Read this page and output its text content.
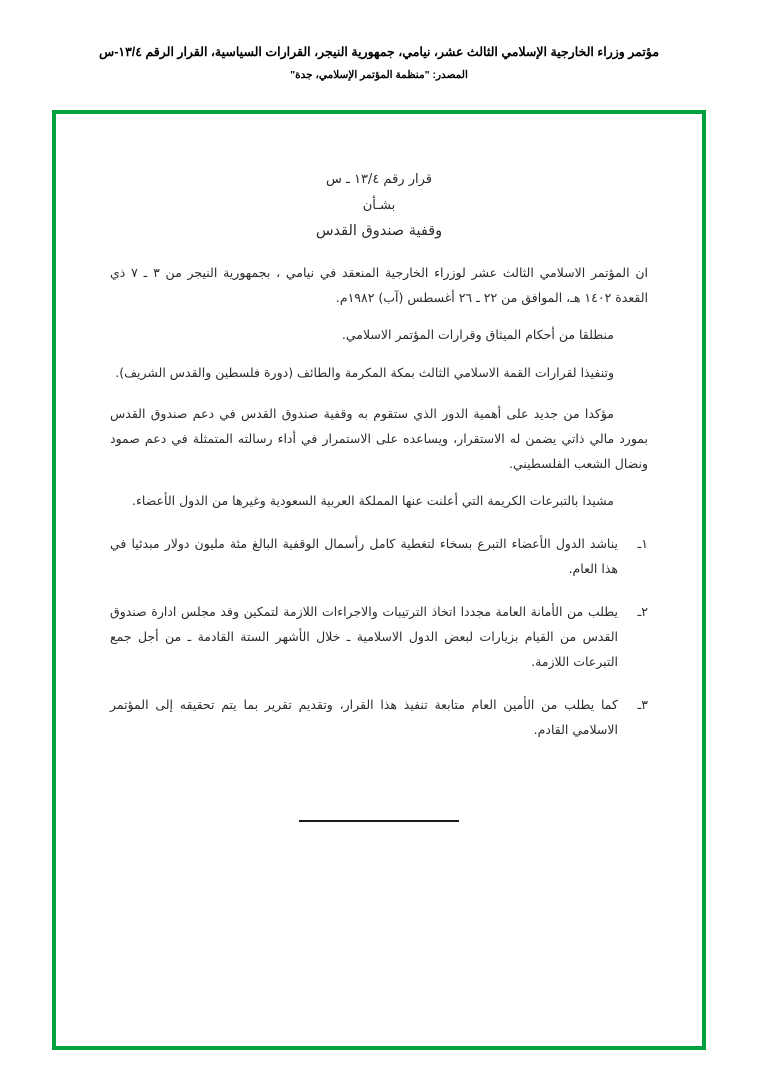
مؤتمر وزراء الخارجية الإسلامي الثالث عشر، نيامي، جمهورية النيجر، القرارات السياسية، القرار الرقم ١٣/٤-س
المصدر: "منظمة المؤتمر الإسلامي، جدة"
قرار رقم ١٣/٤ ـ س
بشـأن
وقفية صندوق القدس

ان المؤتمر الاسلامي الثالث عشر لوزراء الخارجية المنعقد في نيامي ، بجمهورية النيجر من ٣ ـ ٧ ذي القعدة ١٤٠٢ هـ، الموافق من ٢٢ ـ ٢٦ أغسطس (آب) ١٩٨٢م.

منطلقا من أحكام الميثاق وقرارات المؤتمر الاسلامي.

وتنفيذا لقرارات القمة الاسلامي الثالث بمكة المكرمة والطائف (دورة فلسطين والقدس الشريف).

مؤكدا من جديد على أهمية الدور الذي ستقوم به وقفية صندوق القدس في دعم صندوق القدس بمورد مالي ذاتي يضمن له الاستقرار، ويساعده على الاستمرار في أداء رسالته المتمثلة في دعم صمود ونضال الشعب الفلسطيني.

مشيدا بالتبرعات الكريمة التي أعلنت عنها المملكة العربية السعودية وغيرها من الدول الأعضاء.

١ـ
يناشد الدول الأعضاء التبرع بسخاء لتغطية كامل رأسمال الوقفية البالغ مئة مليون دولار مبدئيا في هذا العام.
٢ـ
يطلب من الأمانة العامة مجددا اتخاذ الترتيبات والاجراءات اللازمة لتمكين وفد مجلس ادارة صندوق القدس من القيام بزيارات لبعض الدول الاسلامية ـ خلال الأشهر الستة القادمة ـ من أجل جمع التبرعات اللازمة.
٣ـ
كما يطلب من الأمين العام متابعة تنفيذ هذا القرار، وتقديم تقرير بما يتم تحقيقه إلى المؤتمر الاسلامي القادم.
